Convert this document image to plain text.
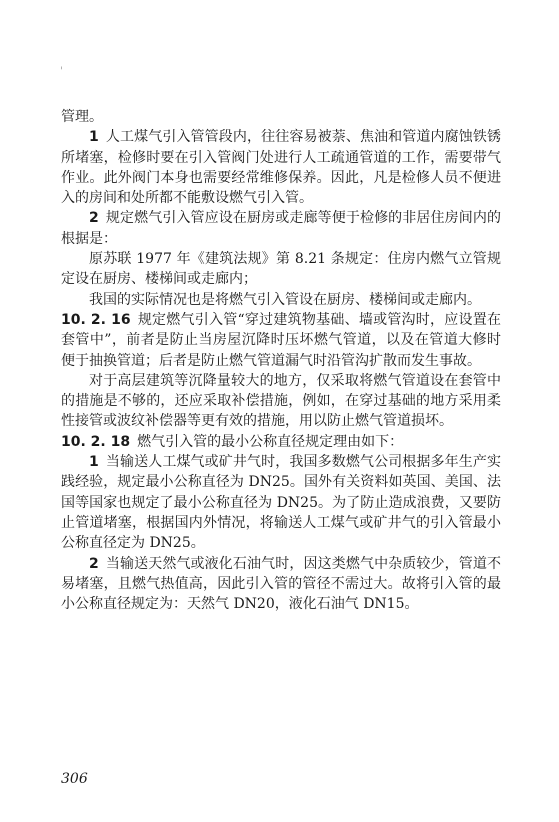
'

管理。

1  人工煤气引入管管段内，往往容易被萘、焦油和管道内腐蚀铁锈所堵塞，检修时要在引入管阀门处进行人工疏通管道的工作，需要带气作业。此外阀门本身也需要经常维修保养。因此，凡是检修人员不便进入的房间和处所都不能敷设燃气引入管。

2  规定燃气引入管应设在厨房或走廊等便于检修的非居住房间内的根据是：

原苏联 1977 年《建筑法规》第 8.21 条规定：住房内燃气立管规定设在厨房、楼梯间或走廊内；

我国的实际情况也是将燃气引入管设在厨房、楼梯间或走廊内。

10. 2. 16  规定燃气引入管“穿过建筑物基础、墙或管沟时，应设置在套管中”，前者是防止当房屋沉降时压坏燃气管道，以及在管道大修时便于抽换管道；后者是防止燃气管道漏气时沿管沟扩散而发生事故。

对于高层建筑等沉降量较大的地方，仅采取将燃气管道设在套管中的措施是不够的，还应采取补偿措施，例如，在穿过基础的地方采用柔性接管或波纹补偿器等更有效的措施，用以防止燃气管道损坏。

10. 2. 18  燃气引入管的最小公称直径规定理由如下：

1  当输送人工煤气或矿井气时，我国多数燃气公司根据多年生产实践经验，规定最小公称直径为 DN25。国外有关资料如英国、美国、法国等国家也规定了最小公称直径为 DN25。为了防止造成浪费，又要防止管道堵塞，根据国内外情况，将输送人工煤气或矿井气的引入管最小公称直径定为 DN25。

2  当输送天然气或液化石油气时，因这类燃气中杂质较少，管道不易堵塞，且燃气热值高，因此引入管的管径不需过大。故将引入管的最小公称直径规定为：天然气 DN20，液化石油气 DN15。

306
